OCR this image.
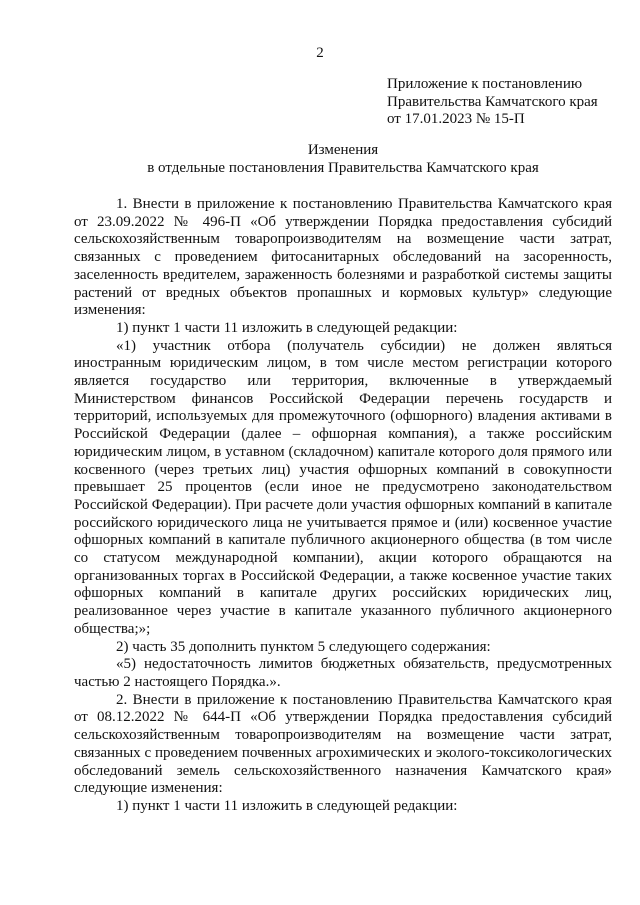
2
Приложение к постановлению
Правительства Камчатского края
от 17.01.2023 № 15-П
Изменения
в отдельные постановления Правительства Камчатского края

1. Внести в приложение к постановлению Правительства Камчатского края от 23.09.2022 № 496-П «Об утверждении Порядка предоставления субсидий сельскохозяйственным товаропроизводителям на возмещение части затрат, связанных с проведением фитосанитарных обследований на засоренность, заселенность вредителем, зараженность болезнями и разработкой системы защиты растений от вредных объектов пропашных и кормовых культур» следующие изменения:

1) пункт 1 части 11 изложить в следующей редакции:

«1) участник отбора (получатель субсидии) не должен являться иностранным юридическим лицом, в том числе местом регистрации которого является государство или территория, включенные в утверждаемый Министерством финансов Российской Федерации перечень государств и территорий, используемых для промежуточного (офшорного) владения активами в Российской Федерации (далее – офшорная компания), а также российским юридическим лицом, в уставном (складочном) капитале которого доля прямого или косвенного (через третьих лиц) участия офшорных компаний в совокупности превышает 25 процентов (если иное не предусмотрено законодательством Российской Федерации). При расчете доли участия офшорных компаний в капитале российского юридического лица не учитывается прямое и (или) косвенное участие офшорных компаний в капитале публичного акционерного общества (в том числе со статусом международной компании), акции которого обращаются на организованных торгах в Российской Федерации, а также косвенное участие таких офшорных компаний в капитале других российских юридических лиц, реализованное через участие в капитале указанного публичного акционерного общества;»;

2) часть 35 дополнить пунктом 5 следующего содержания:

«5) недостаточность лимитов бюджетных обязательств, предусмотренных частью 2 настоящего Порядка.».

2. Внести в приложение к постановлению Правительства Камчатского края от 08.12.2022 № 644-П «Об утверждении Порядка предоставления субсидий сельскохозяйственным товаропроизводителям на возмещение части затрат, связанных с проведением почвенных агрохимических и эколого-токсикологических обследований земель сельскохозяйственного назначения Камчатского края» следующие изменения:

1) пункт 1 части 11 изложить в следующей редакции:
